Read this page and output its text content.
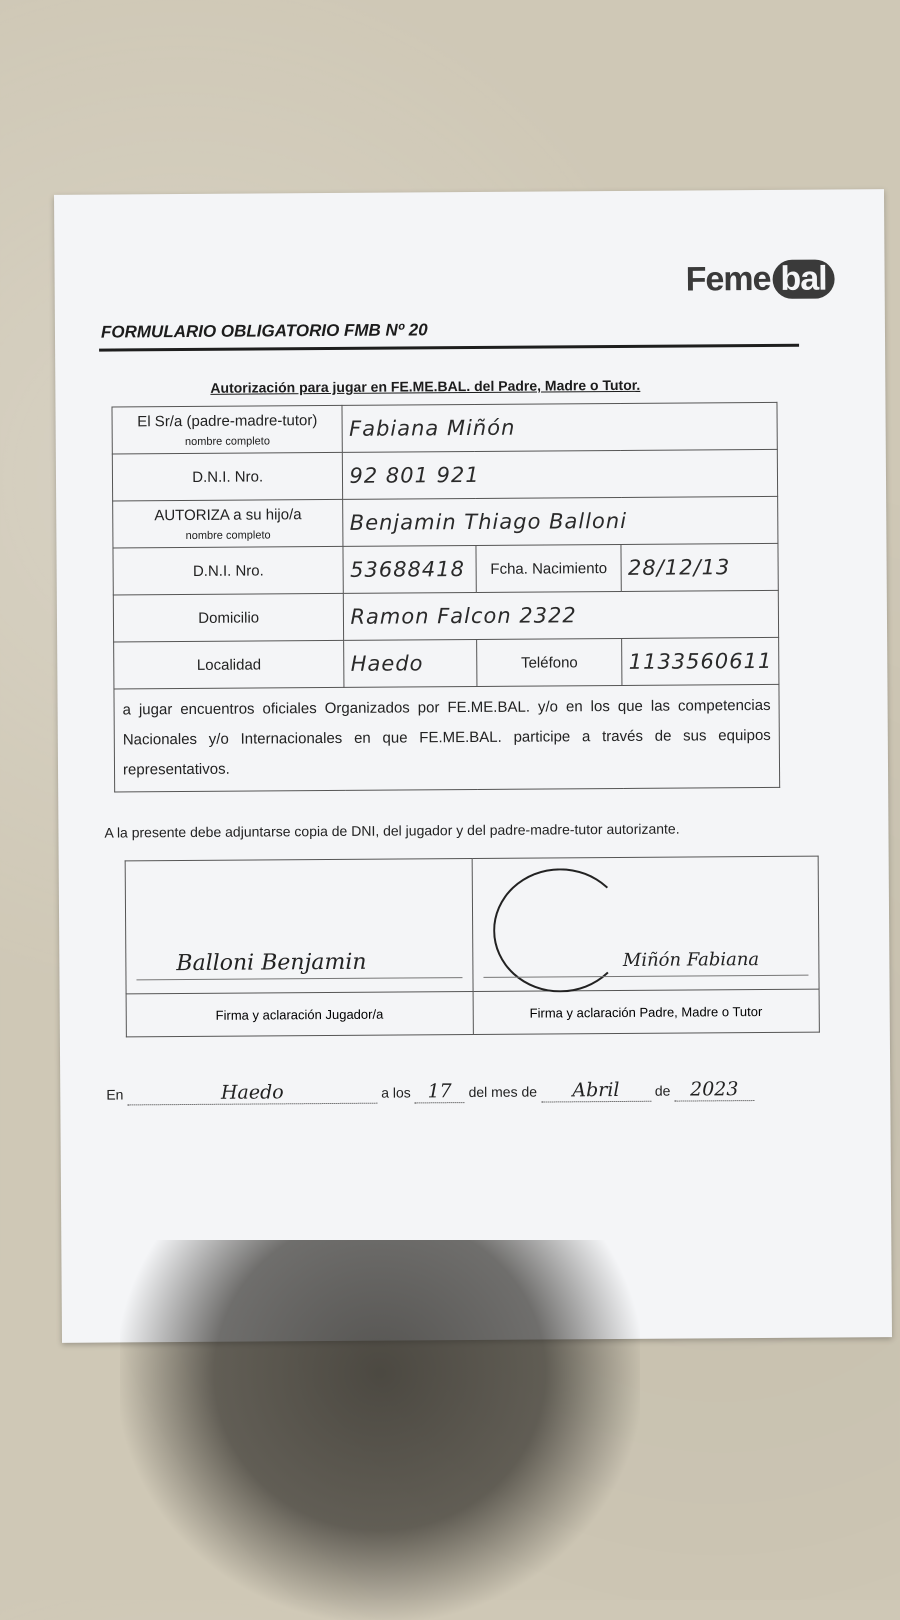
Feme bal
FORMULARIO OBLIGATORIO FMB Nº 20
Autorización para jugar en FE.ME.BAL. del Padre, Madre o Tutor.
El Sr/a (padre-madre-tutor)
nombre completo	Fabiana Miñón		
D.N.I. Nro.	92 801 921		
AUTORIZA a su hijo/a
nombre completo	Benjamin Thiago Balloni		
D.N.I. Nro.	53688418	Fcha. Nacimiento	28/12/13
Domicilio	Ramon Falcon 2322		
Localidad	Haedo	Teléfono	1133560611
a jugar encuentros oficiales Organizados por FE.ME.BAL. y/o en los que las competencias Nacionales y/o Internacionales en que FE.ME.BAL. participe a través de sus equipos representativos.			
A la presente debe adjuntarse copia de DNI, del jugador y del padre-madre-tutor autorizante.
Balloni Benjamin	Miñón Fabiana

Firma y aclaración Jugador/a	Firma y aclaración Padre, Madre o Tutor
En	Haedo	a los 17 del mes de Abril	de 2023
